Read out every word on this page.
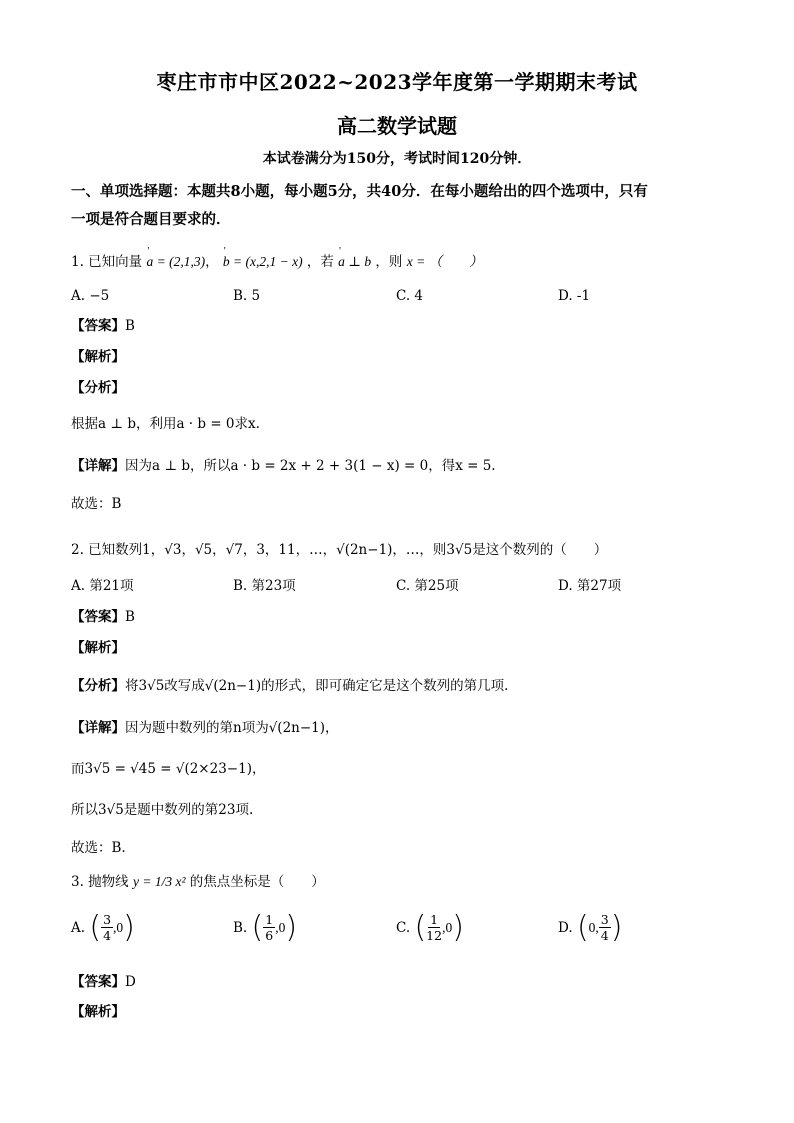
枣庄市市中区2022~2023学年度第一学期期末考试
高二数学试题
本试卷满分为150分，考试时间120分钟．
一、单项选择题：本题共8小题，每小题5分，共40分．在每小题给出的四个选项中，只有
一项是符合题目要求的．
1. 已知向量 ' a = (2,1,3)， ' b = (x,2,1 − x) ，若 ' a ⊥ b ，则 x = （　　）
A. −5	B. 5	C. 4	D. -1
【答案】B
【解析】
【分析】
根据a ⊥ b，利用a · b = 0求x.
【详解】因为a ⊥ b，所以a · b = 2x + 2 + 3(1 − x) = 0，得x = 5.
故选：B
2. 已知数列1，√3，√5，√7，3，11，…，√(2n−1)，…，则3√5是这个数列的（　　）
A. 第21项	B. 第23项	C. 第25项	D. 第27项
【答案】B
【解析】
【分析】将3√5改写成√(2n−1)的形式，即可确定它是这个数列的第几项.
【详解】因为题中数列的第n项为√(2n−1)，
而3√5 = √45 = √(2×23−1)，
所以3√5是题中数列的第23项.
故选：B.
3. 抛物线 y = 1/3 x² 的焦点坐标是（　　）
A.
( $\frac{3}{4}$ , 0 )	B.
( $\frac{1}{6}$ , 0 )	C.
( $\frac{1}{12}$ , 0 )	D.
( 0 , $\frac{3}{4}$ )
【答案】D
【解析】
